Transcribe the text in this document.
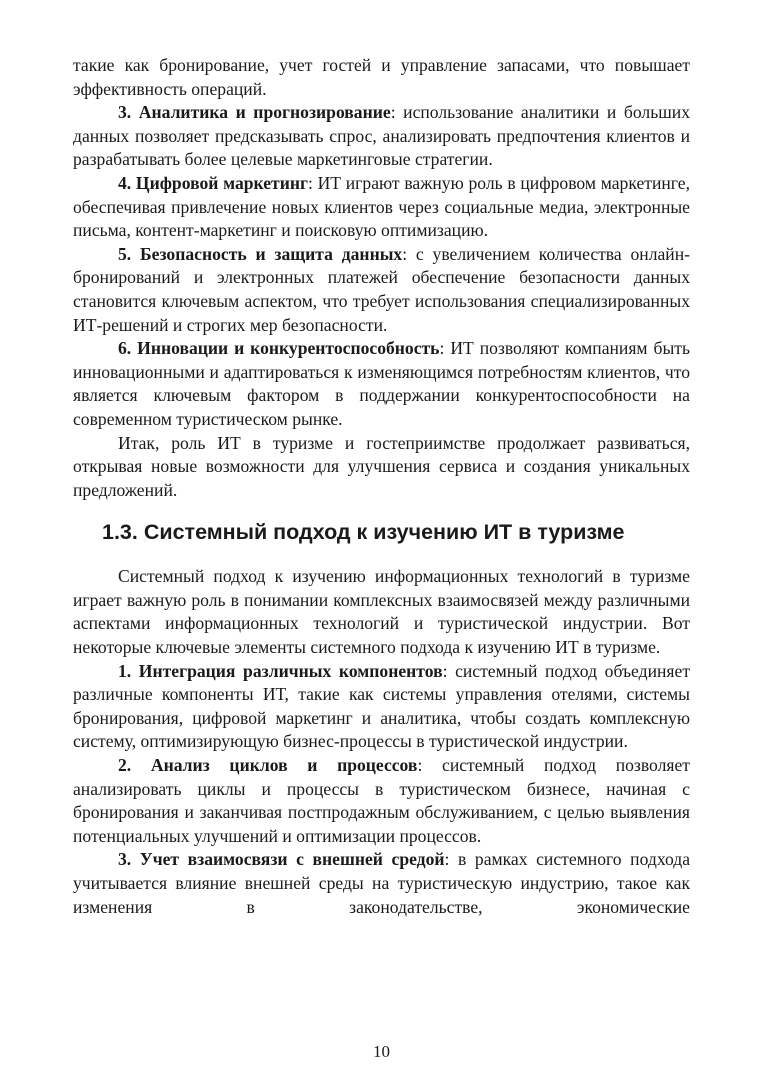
такие как бронирование, учет гостей и управление запасами, что повышает эффективность операций.

3. Аналитика и прогнозирование: использование аналитики и больших данных позволяет предсказывать спрос, анализировать предпочтения клиентов и разрабатывать более целевые маркетинговые стратегии.

4. Цифровой маркетинг: ИТ играют важную роль в цифровом маркетинге, обеспечивая привлечение новых клиентов через социальные медиа, электронные письма, контент-маркетинг и поисковую оптимизацию.

5. Безопасность и защита данных: с увеличением количества онлайн-бронирований и электронных платежей обеспечение безопасности данных становится ключевым аспектом, что требует использования специализированных ИТ-решений и строгих мер безопасности.

6. Инновации и конкурентоспособность: ИТ позволяют компаниям быть инновационными и адаптироваться к изменяющимся потребностям клиентов, что является ключевым фактором в поддержании конкурентоспособности на современном туристическом рынке.

Итак, роль ИТ в туризме и гостеприимстве продолжает развиваться, открывая новые возможности для улучшения сервиса и создания уникальных предложений.

1.3. Системный подход к изучению ИТ в туризме

Системный подход к изучению информационных технологий в туризме играет важную роль в понимании комплексных взаимосвязей между различными аспектами информационных технологий и туристической индустрии. Вот некоторые ключевые элементы системного подхода к изучению ИТ в туризме.

1. Интеграция различных компонентов: системный подход объединяет различные компоненты ИТ, такие как системы управления отелями, системы бронирования, цифровой маркетинг и аналитика, чтобы создать комплексную систему, оптимизирующую бизнес-процессы в туристической индустрии.

2. Анализ циклов и процессов: системный подход позволяет анализировать циклы и процессы в туристическом бизнесе, начиная с бронирования и заканчивая постпродажным обслуживанием, с целью выявления потенциальных улучшений и оптимизации процессов.

3. Учет взаимосвязи с внешней средой: в рамках системного подхода учитывается влияние внешней среды на туристическую индустрию, такое как изменения в законодательстве, экономические

10
